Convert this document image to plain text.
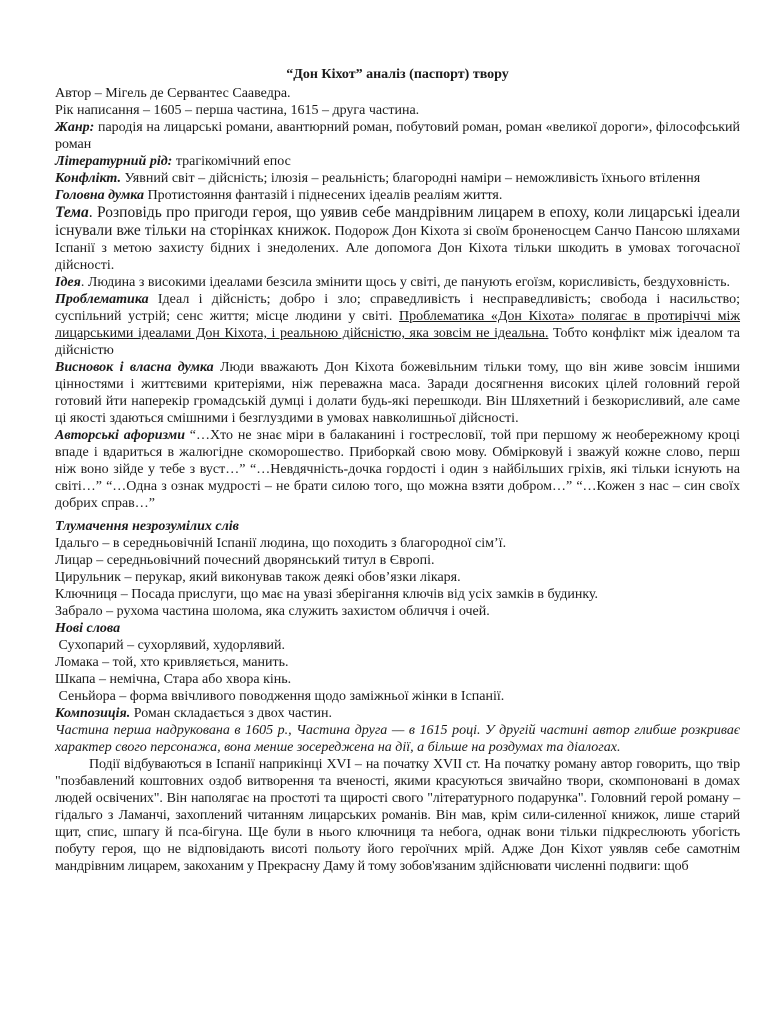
“Дон Кіхот” аналіз (паспорт) твору

Автор – Мігель де Сервантес Сааведра.

Рік написання – 1605 – перша частина, 1615 – друга частина.

Жанр: пародія на лицарські романи, авантюрний роман, побутовий роман, роман «великої дороги», філософський роман

Літературний рід: трагікомічний епос

Конфлікт. Уявний світ – дійсність; ілюзія – реальність; благородні наміри – неможливість їхнього втілення

Головна думка Протистояння фантазій і піднесених ідеалів реаліям життя.

Тема. Розповідь про пригоди героя, що уявив себе мандрівним лицарем в епоху, коли лицарські ідеали існували вже тільки на сторінках книжок. Подорож Дон Кіхота зі своїм броненосцем Санчо Пансою шляхами Іспанії з метою захисту бідних і знедолених. Але допомога Дон Кіхота тільки шкодить в умовах тогочасної дійсності.

Ідея. Людина з високими ідеалами безсила змінити щось у світі, де панують егоїзм, корисливість, бездуховність.

Проблематика Ідеал і дійсність; добро і зло; справедливість і несправедливість; свобода і насильство; суспільний устрій; сенс життя; місце людини у світі. Проблематика «Дон Кіхота» полягає в протиріччі між лицарськими ідеалами Дон Кіхота, і реальною дійсністю, яка зовсім не ідеальна. Тобто конфлікт між ідеалом та дійсністю

Висновок і власна думка Люди вважають Дон Кіхота божевільним тільки тому, що він живе зовсім іншими цінностями і життєвими критеріями, ніж переважна маса. Заради досягнення високих цілей головний герой готовий йти наперекір громадській думці і долати будь-які перешкоди. Він Шляхетний і безкорисливий, але саме ці якості здаються смішними і безглуздими в умовах навколишньої дійсності.

Авторські афоризми “…Хто не знає міри в балаканині і гостресловії, той при першому ж необережному кроці впаде і вдариться в жалюгідне скоморошество. Приборкай свою мову. Обмірковуй і зважуй кожне слово, перш ніж воно зійде у тебе з вуст…” “…Невдячність-дочка гордості і один з найбільших гріхів, які тільки існують на світі…” “…Одна з ознак мудрості – не брати силою того, що можна взяти добром…” “…Кожен з нас – син своїх добрих справ…”

Тлумачення незрозумілих слів

Ідальго – в середньовічній Іспанії людина, що походить з благородної сім’ї.

Лицар – середньовічний почесний дворянський титул в Європі.

Цирульник – перукар, який виконував також деякі обов’язки лікаря.

Ключниця – Посада прислуги, що має на увазі зберігання ключів від усіх замків в будинку.

Забрало – рухома частина шолома, яка служить захистом обличчя і очей.

Нові слова

Сухопарий – сухорлявий, худорлявий.

Ломака – той, хто кривляється, манить.

Шкапа – немічна, Стара або хвора кінь.

Сеньйора – форма ввічливого поводження щодо заміжньої жінки в Іспанії.

Композиція. Роман складається з двох частин.

Частина перша надрукована в 1605 р., Частина друга — в 1615 році. У другій частині автор глибше розкриває характер свого персонажа, вона менше зосереджена на дії, а більше на роздумах та діалогах.

Події відбуваються в Іспанії наприкінці XVI – на початку XVII ст. На початку роману автор говорить, що твір "позбавлений коштовних оздоб витворення та вченості, якими красуються звичайно твори, скомпоновані в домах людей освічених". Він наполягає на простоті та щирості свого "літературного подарунка". Головний герой роману – гідальго з Ламанчі, захоплений читанням лицарських романів. Він мав, крім сили-силенної книжок, лише старий щит, спис, шпагу й пса-бігуна. Ще були в нього ключниця та небога, однак вони тільки підкреслюють убогість побуту героя, що не відповідають висоті польоту його героїчних мрій. Адже Дон Кіхот уявляв себе самотнім мандрівним лицарем, закоханим у Прекрасну Даму й тому зобов'язаним здійснювати численні подвиги: щоб
